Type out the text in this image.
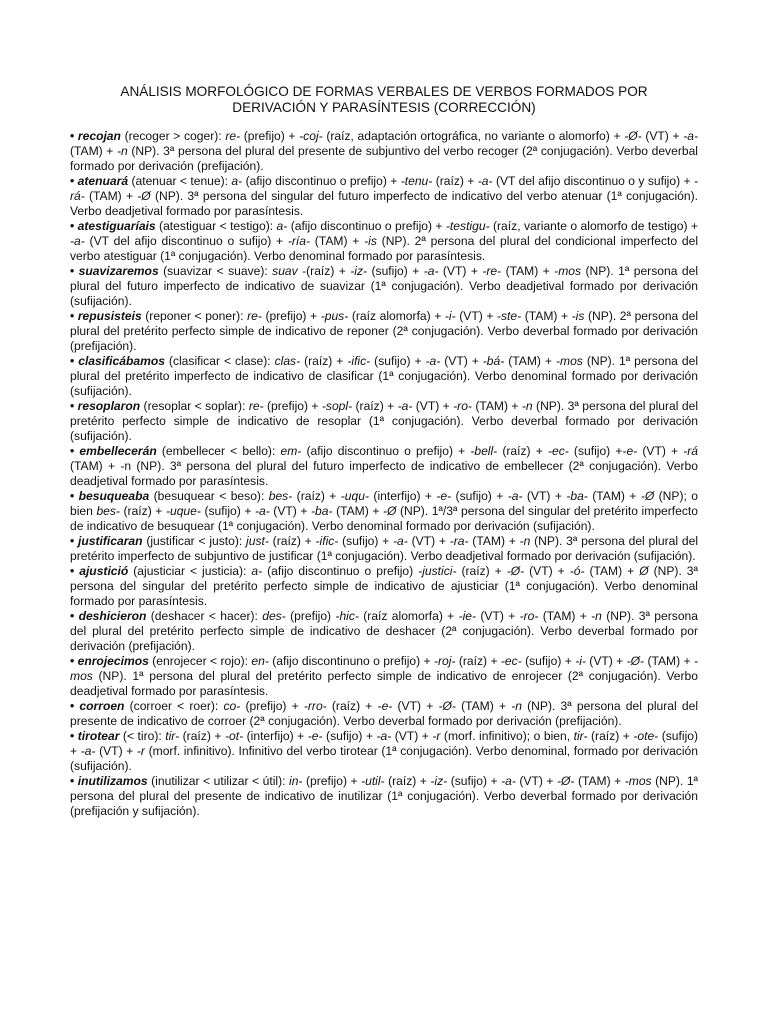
ANÁLISIS MORFOLÓGICO DE FORMAS VERBALES DE VERBOS FORMADOS POR
DERIVACIÓN Y PARASÍNTESIS (CORRECCIÓN)

• recojan (recoger > coger): re- (prefijo) + -coj- (raíz, adaptación ortográfica, no variante o alomorfo) + -Ø- (VT) + -a- (TAM) + -n (NP). 3ª persona del plural del presente de subjuntivo del verbo recoger (2ª conjugación). Verbo deverbal formado por derivación (prefijación).

• atenuará (atenuar < tenue): a- (afijo discontinuo o prefijo) + -tenu- (raíz) + -a- (VT del afijo discontinuo o y sufijo) + -rá- (TAM) + -Ø (NP). 3ª persona del singular del futuro imperfecto de indicativo del verbo atenuar (1ª conjugación). Verbo deadjetival formado por parasíntesis.

• atestiguaríais (atestiguar < testigo): a- (afijo discontinuo o prefijo) + -testigu- (raíz, variante o alomorfo de testigo) + -a- (VT del afijo discontinuo o sufijo) + -ría- (TAM) + -is (NP). 2ª persona del plural del condicional imperfecto del verbo atestiguar (1ª conjugación). Verbo denominal formado por parasíntesis.

• suavizaremos (suavizar < suave): suav -(raíz) + -iz- (sufijo) + -a- (VT) + -re- (TAM) + -mos (NP). 1ª persona del plural del futuro imperfecto de indicativo de suavizar (1ª conjugación). Verbo deadjetival formado por derivación (sufijación).

• repusisteis (reponer < poner): re- (prefijo) + -pus- (raíz alomorfa) + -i- (VT) + -ste- (TAM) + -is (NP). 2ª persona del plural del pretérito perfecto simple de indicativo de reponer (2ª conjugación). Verbo deverbal formado por derivación (prefijación).

• clasificábamos (clasificar < clase): clas- (raíz) + -ific- (sufijo) + -a- (VT) + -bá- (TAM) + -mos (NP). 1ª persona del plural del pretérito imperfecto de indicativo de clasificar (1ª conjugación). Verbo denominal formado por derivación (sufijación).

• resoplaron (resoplar < soplar): re- (prefijo) + -sopl- (raíz) + -a- (VT) + -ro- (TAM) + -n (NP). 3ª persona del plural del pretérito perfecto simple de indicativo de resoplar (1ª conjugación). Verbo deverbal formado por derivación (sufijación).

• embellecerán (embellecer < bello): em- (afijo discontinuo o prefijo) + -bell- (raíz) + -ec- (sufijo) +-e- (VT) + -rá (TAM) + -n (NP). 3ª persona del plural del futuro imperfecto de indicativo de embellecer (2ª conjugación). Verbo deadjetival formado por parasíntesis.

• besuqueaba (besuquear < beso): bes- (raíz) + -uqu- (interfijo) + -e- (sufijo) + -a- (VT) + -ba- (TAM) + -Ø (NP); o bien bes- (raíz) + -uque- (sufijo) + -a- (VT) + -ba- (TAM) + -Ø (NP). 1ª/3ª persona del singular del pretérito imperfecto de indicativo de besuquear (1ª conjugación). Verbo denominal formado por derivación (sufijación).

• justificaran (justificar < justo): just- (raíz) + -ific- (sufijo) + -a- (VT) + -ra- (TAM) + -n (NP). 3ª persona del plural del pretérito imperfecto de subjuntivo de justificar (1ª conjugación). Verbo deadjetival formado por derivación (sufijación).

• ajustició (ajusticiar < justicia): a- (afijo discontinuo o prefijo) -justici- (raíz) + -Ø- (VT) + -ó- (TAM) + Ø (NP). 3ª persona del singular del pretérito perfecto simple de indicativo de ajusticiar (1ª conjugación). Verbo denominal formado por parasíntesis.

• deshicieron (deshacer < hacer): des- (prefijo) -hic- (raíz alomorfa) + -ie- (VT) + -ro- (TAM) + -n (NP). 3ª persona del plural del pretérito perfecto simple de indicativo de deshacer (2ª conjugación). Verbo deverbal formado por derivación (prefijación).

• enrojecimos (enrojecer < rojo): en- (afijo discontinuno o prefijo) + -roj- (raíz) + -ec- (sufijo) + -i- (VT) + -Ø- (TAM) + -mos (NP). 1ª persona del plural del pretérito perfecto simple de indicativo de enrojecer (2ª conjugación). Verbo deadjetival formado por parasíntesis.

• corroen (corroer < roer): co- (prefijo) + -rro- (raíz) + -e- (VT) + -Ø- (TAM) + -n (NP). 3ª persona del plural del presente de indicativo de corroer (2ª conjugación). Verbo deverbal formado por derivación (prefijación).

• tirotear (< tiro): tir- (raíz) + -ot- (interfijo) + -e- (sufijo) + -a- (VT) + -r (morf. infinitivo); o bien, tir- (raíz) + -ote- (sufijo) + -a- (VT) + -r (morf. infinitivo). Infinitivo del verbo tirotear (1ª conjugación). Verbo denominal, formado por derivación (sufijación).

• inutilizamos (inutilizar < utilizar < útil): in- (prefijo) + -util- (raíz) + -iz- (sufijo) + -a- (VT) + -Ø- (TAM) + -mos (NP). 1ª persona del plural del presente de indicativo de inutilizar (1ª conjugación). Verbo deverbal formado por derivación (prefijación y sufijación).
